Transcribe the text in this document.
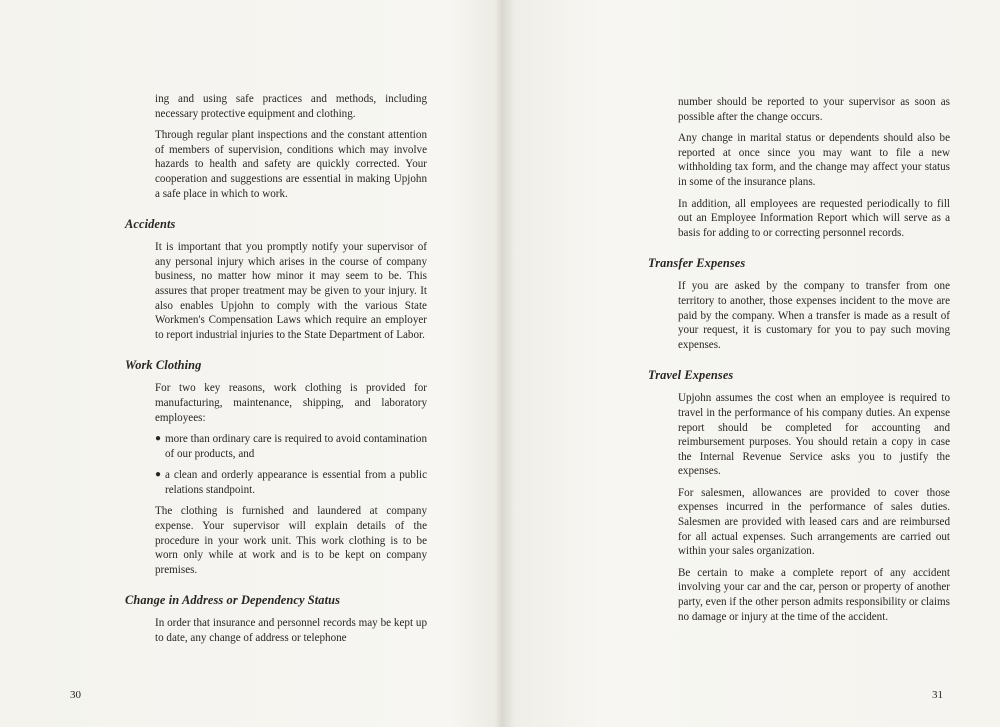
ing and using safe practices and methods, including necessary protective equipment and clothing.

Through regular plant inspections and the constant attention of members of supervision, conditions which may involve hazards to health and safety are quickly corrected. Your cooperation and suggestions are essential in making Upjohn a safe place in which to work.

Accidents

It is important that you promptly notify your supervisor of any personal injury which arises in the course of company business, no matter how minor it may seem to be. This assures that proper treatment may be given to your injury. It also enables Upjohn to comply with the various State Workmen's Compensation Laws which require an employer to report industrial injuries to the State Department of Labor.

Work Clothing

For two key reasons, work clothing is provided for manufacturing, maintenance, shipping, and laboratory employees:

● more than ordinary care is required to avoid contamination of our products, and
● a clean and orderly appearance is essential from a public relations standpoint.

The clothing is furnished and laundered at company expense. Your supervisor will explain details of the procedure in your work unit. This work clothing is to be worn only while at work and is to be kept on company premises.

Change in Address or Dependency Status

In order that insurance and personnel records may be kept up to date, any change of address or telephone

30

number should be reported to your supervisor as soon as possible after the change occurs.

Any change in marital status or dependents should also be reported at once since you may want to file a new withholding tax form, and the change may affect your status in some of the insurance plans.

In addition, all employees are requested periodically to fill out an Employee Information Report which will serve as a basis for adding to or correcting personnel records.

Transfer Expenses

If you are asked by the company to transfer from one territory to another, those expenses incident to the move are paid by the company. When a transfer is made as a result of your request, it is customary for you to pay such moving expenses.

Travel Expenses

Upjohn assumes the cost when an employee is required to travel in the performance of his company duties. An expense report should be completed for accounting and reimbursement purposes. You should retain a copy in case the Internal Revenue Service asks you to justify the expenses.

For salesmen, allowances are provided to cover those expenses incurred in the performance of sales duties. Salesmen are provided with leased cars and are reimbursed for all actual expenses. Such arrangements are carried out within your sales organization.

Be certain to make a complete report of any accident involving your car and the car, person or property of another party, even if the other person admits responsibility or claims no damage or injury at the time of the accident.

31
